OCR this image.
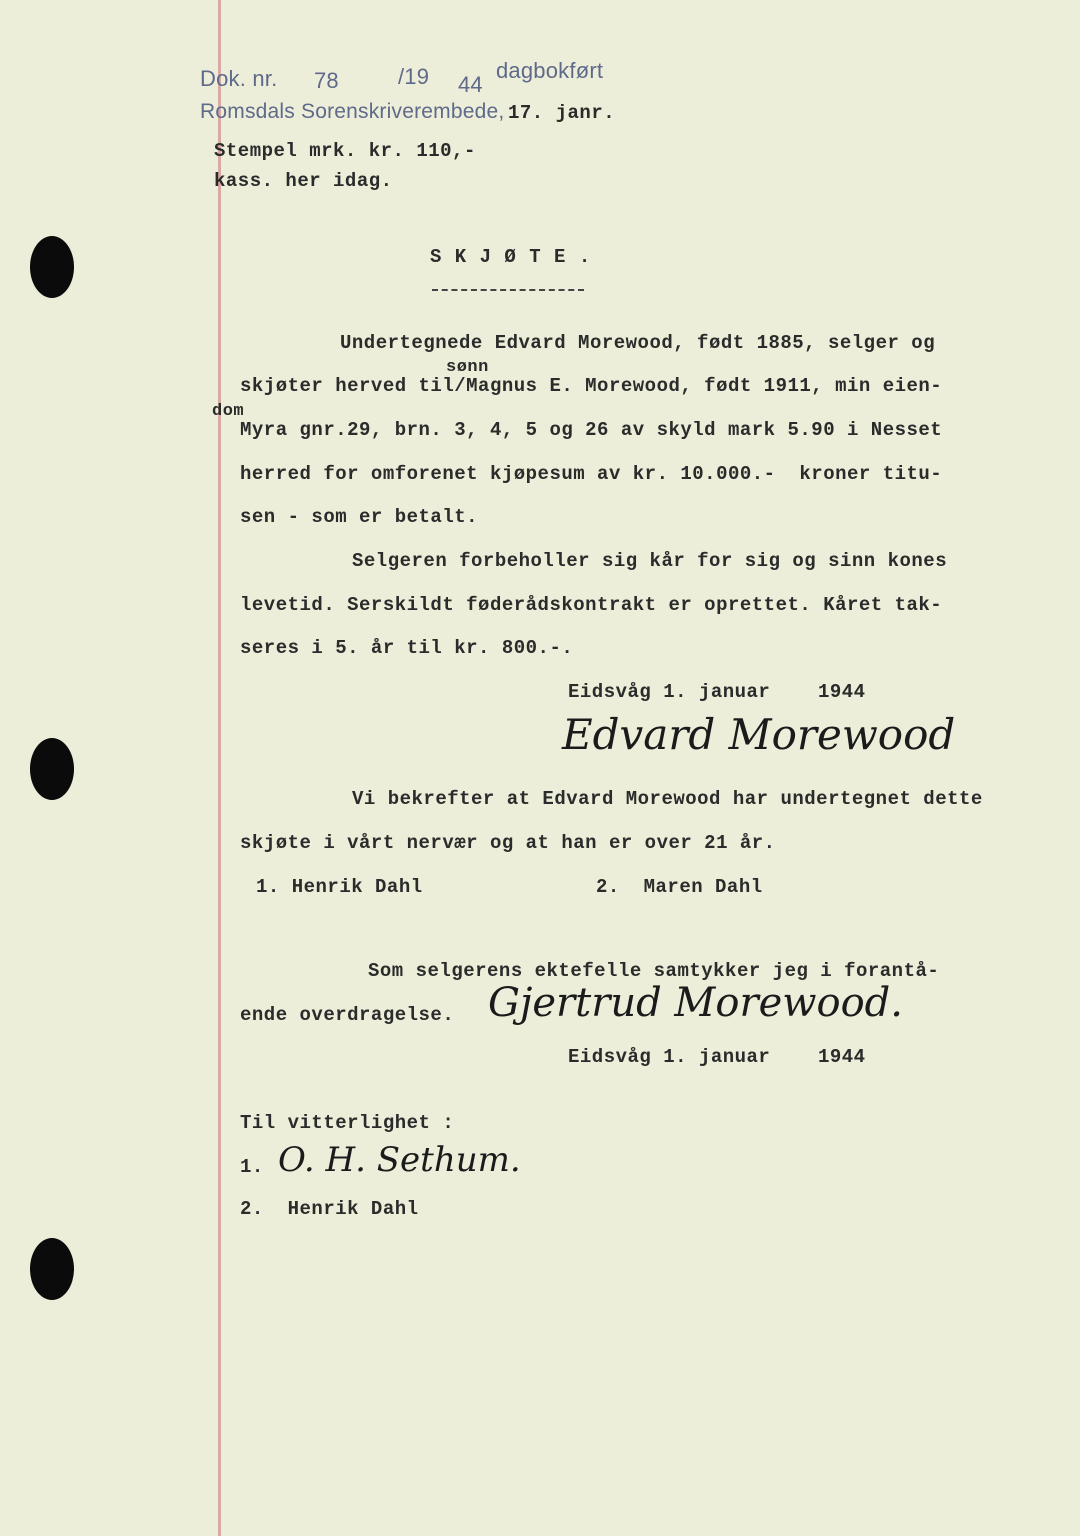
Dok. nr. 78	/19 44
dagbokført
Romsdals Sorenskriverembede, 17. janr.
Stempel mrk. kr. 110,-
kass. her idag.
S K J Ø T E .
Undertegnede Edvard Morewood, født 1885, selger og
sønn
skjøter herved til/Magnus E. Morewood, født 1911, min eien-
dom
Myra gnr.29, brn. 3, 4, 5 og 26 av skyld mark 5.90 i Nesset
herred for omforenet kjøpesum av kr. 10.000.-  kroner titu-
sen - som er betalt.
Selgeren forbeholler sig kår for sig og sinn kones
levetid. Serskildt føderådskontrakt er oprettet. Kåret tak-
seres i 5. år til kr. 800.-.
Eidsvåg 1. januar    1944
Edvard Morewood
Vi bekrefter at Edvard Morewood har undertegnet dette
skjøte i vårt nervær og at han er over 21 år.
1. Henrik Dahl	2.  Maren Dahl
Som selgerens ektefelle samtykker jeg i forantå-
ende overdragelse. Gjertrud Morewood.
Eidsvåg 1. januar    1944
Til vitterlighet :
1. O. H. Sethum.
2.  Henrik Dahl
